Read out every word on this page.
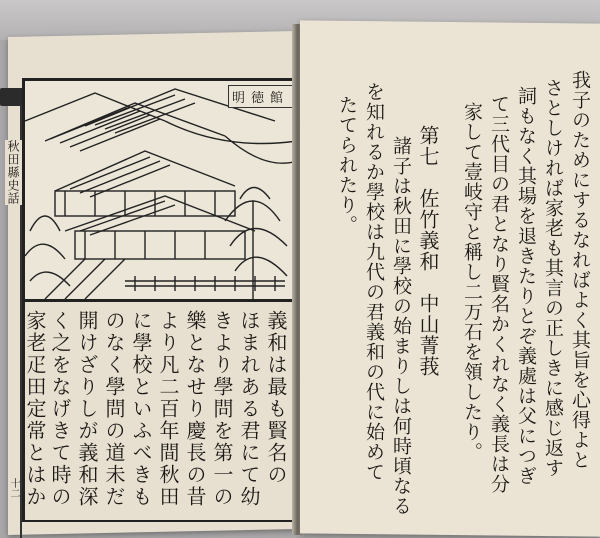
秋田縣史話
十二
明徳館
義和は最も賢名の
ほまれある君にて幼
きより學問を第一の
樂となせり慶長の昔
より凡二百年間秋田
に學校といふべきも
のなく學問の道未だ
開けざりしが義和深
く之をなげきて時の
家老疋田定常とはか	我子のためにするなればよく其旨を心得よと
さとしければ家老も其言の正しきに感じ返す
詞もなく其場を退きたりとぞ義處は父につぎ
て三代目の君となり賢名かくれなく義長は分
家して壹岐守と稱し二万石を領したり。
第七　佐竹義和　中山菁莪
諸子は秋田に學校の始まりしは何時頃なる
を知れるか學校は九代の君義和の代に始めて
たてられたり。
